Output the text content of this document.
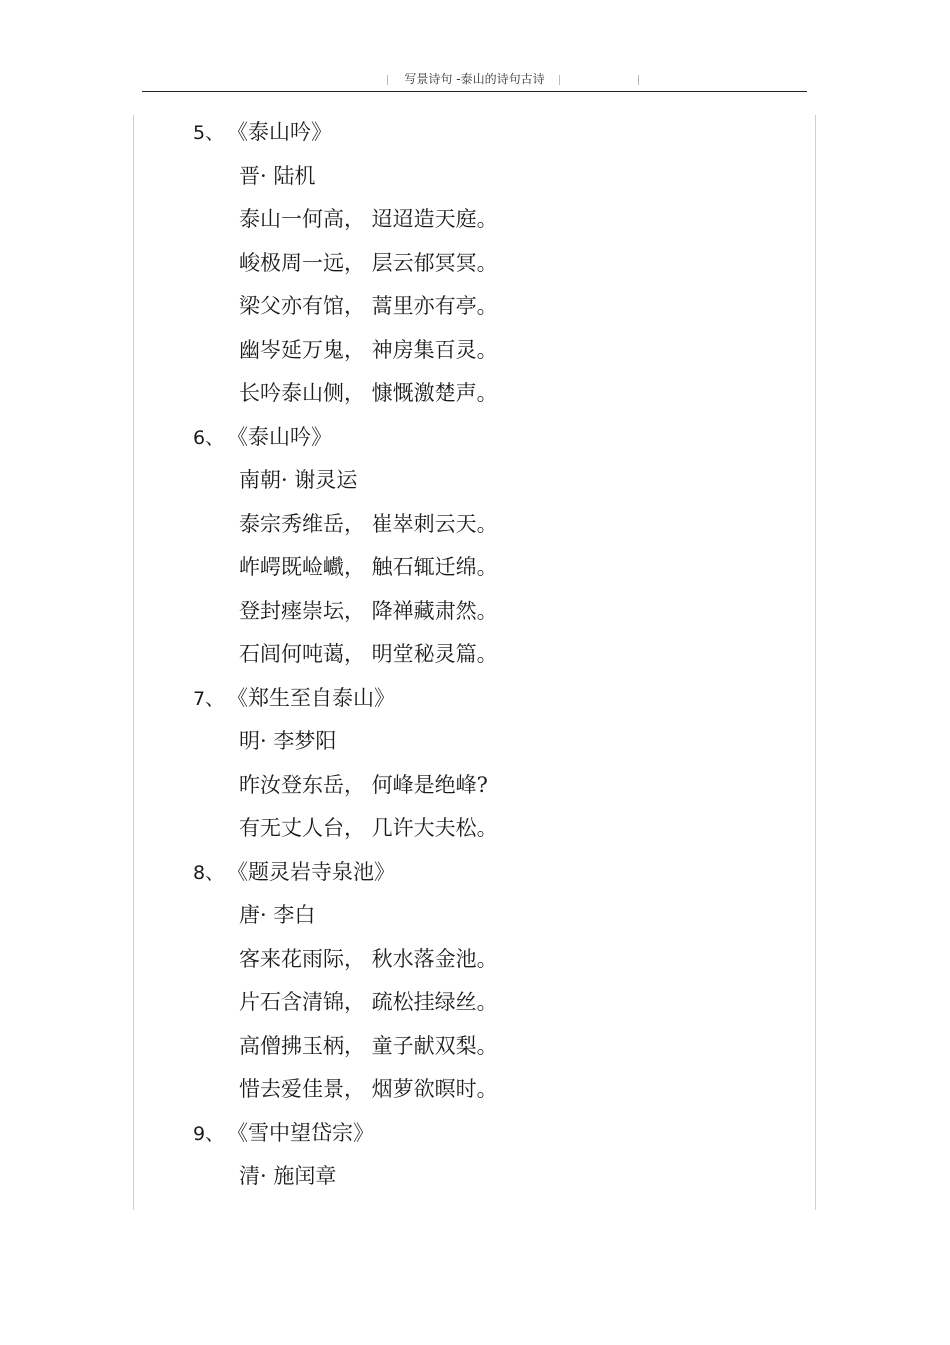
写景诗句 -泰山的诗句古诗
5、 《泰山吟》
晋· 陆机
泰山一何高， 迢迢造天庭。
峻极周一远， 层云郁冥冥。
梁父亦有馆， 蒿里亦有亭。
幽岑延万鬼， 神房集百灵。
长吟泰山侧， 慷慨激楚声。
6、 《泰山吟》
南朝· 谢灵运
泰宗秀维岳， 崔崒刺云天。
岞崿既崄巇， 触石辄迁绵。
登封瘗崇坛， 降禅藏肃然。
石闾何吨蔼， 明堂秘灵篇。
7、 《郑生至自泰山》
明· 李梦阳
昨汝登东岳， 何峰是绝峰?
有无丈人台， 几许大夫松。
8、 《题灵岩寺泉池》
唐· 李白
客来花雨际， 秋水落金池。
片石含清锦， 疏松挂绿丝。
高僧拂玉柄， 童子献双梨。
惜去爱佳景， 烟萝欲暝时。
9、 《雪中望岱宗》
清· 施闰章
